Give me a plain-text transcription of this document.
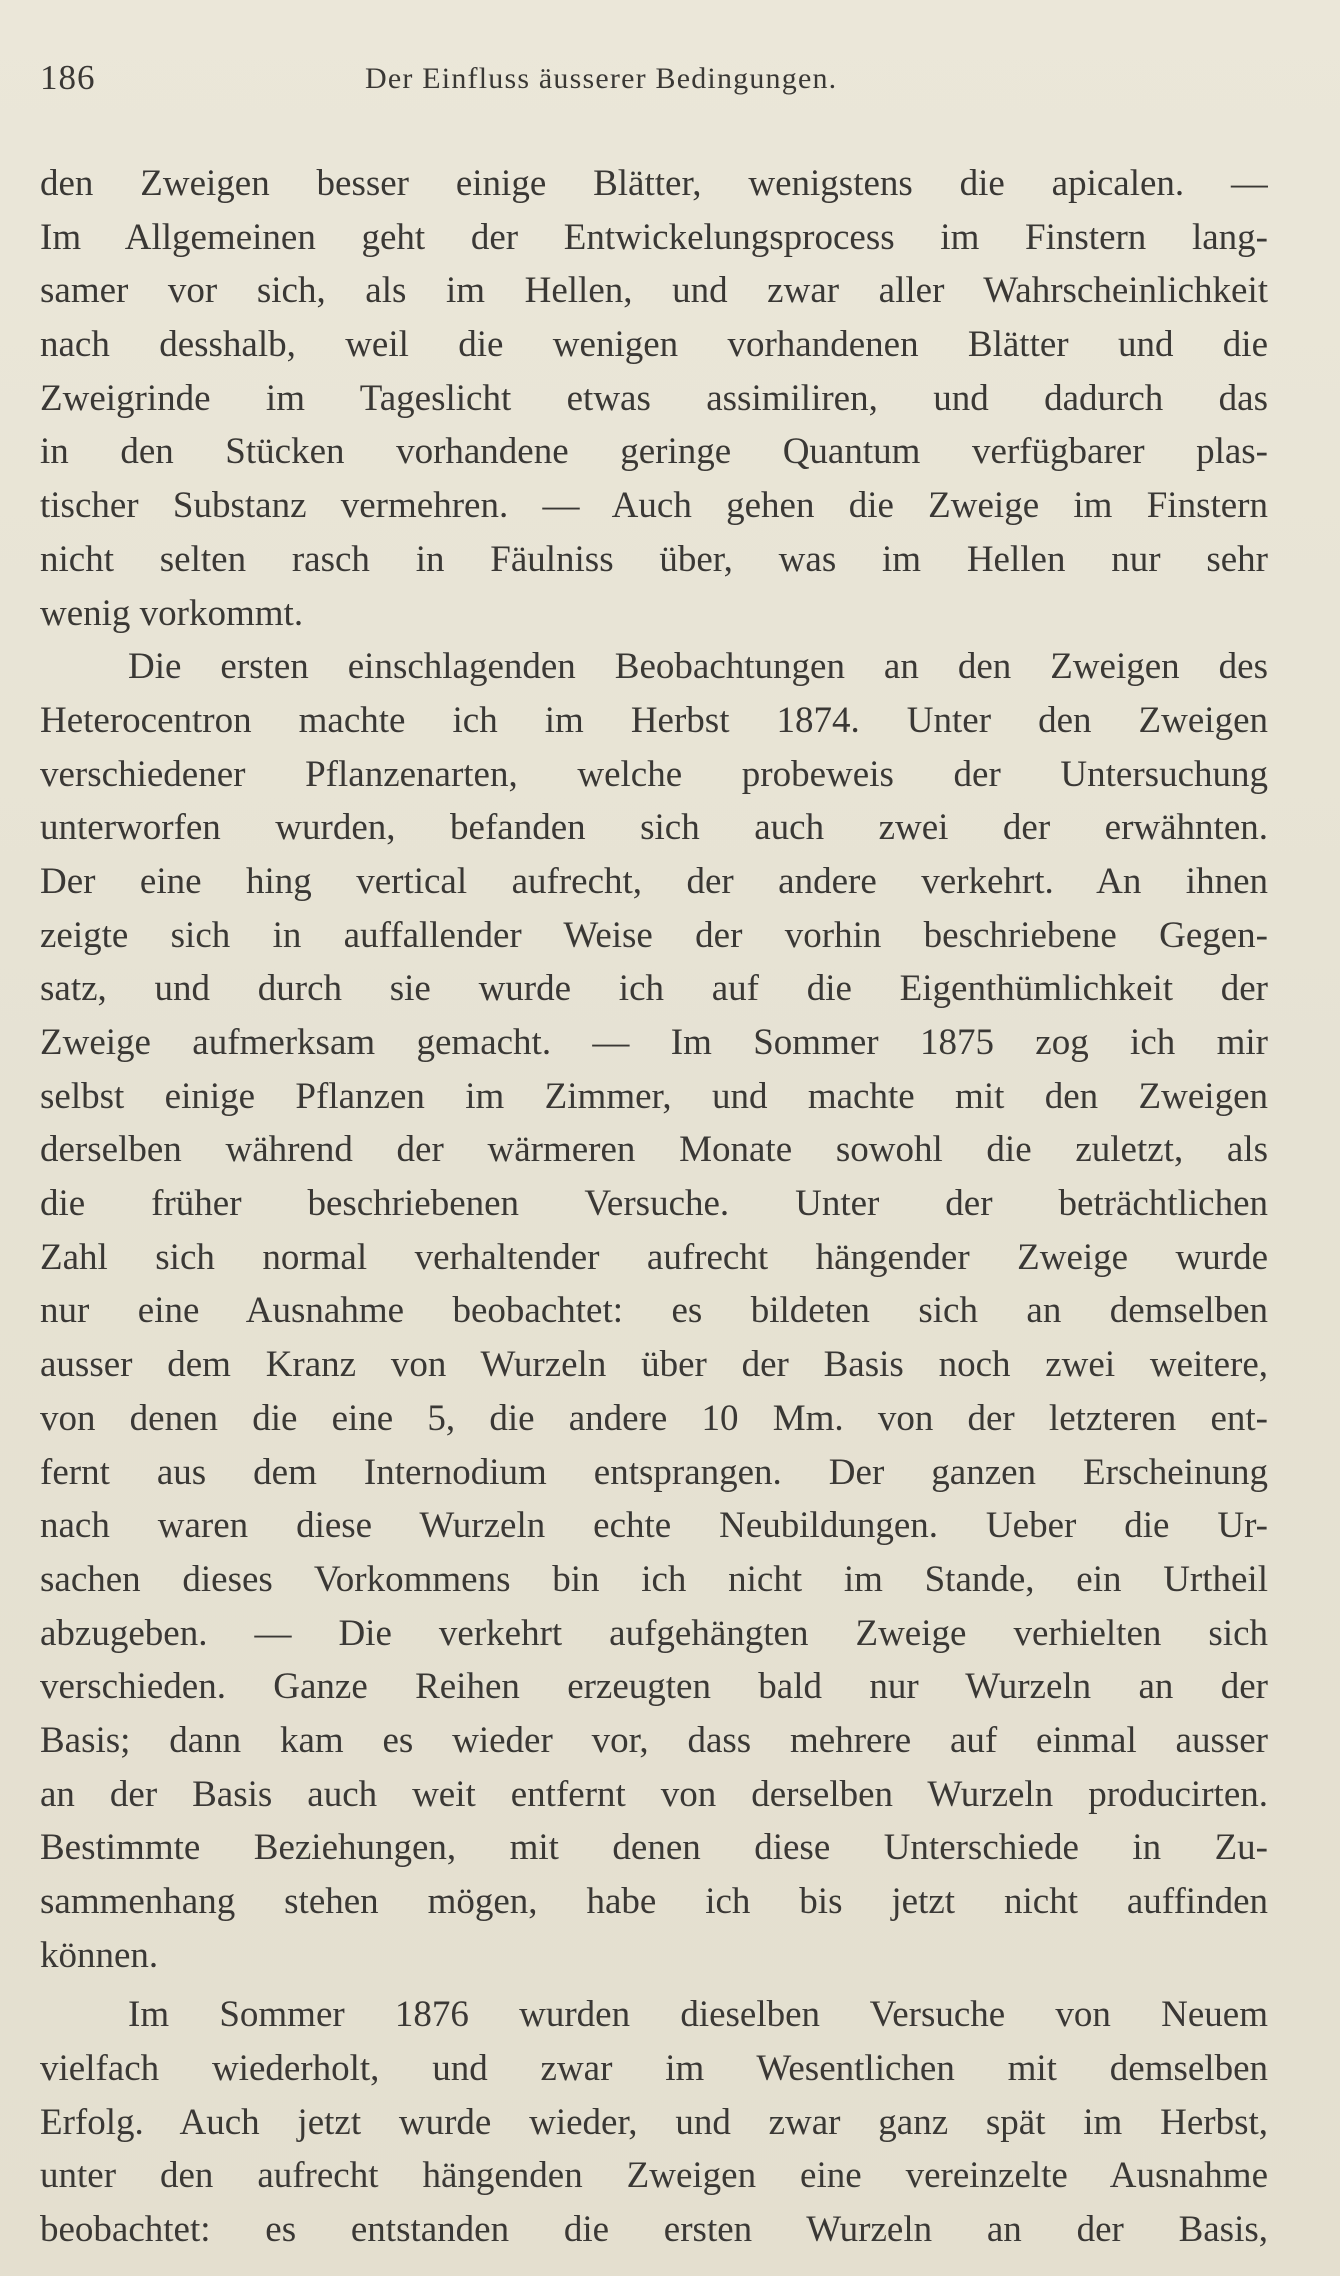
186	Der Einfluss äusserer Bedingungen.
den Zweigen besser einige Blätter, wenigstens die apicalen. —
Im Allgemeinen geht der Entwickelungsprocess im Finstern lang-
samer vor sich, als im Hellen, und zwar aller Wahrscheinlichkeit
nach desshalb, weil die wenigen vorhandenen Blätter und die
Zweigrinde im Tageslicht etwas assimiliren, und dadurch das
in den Stücken vorhandene geringe Quantum verfügbarer plas-
tischer Substanz vermehren. — Auch gehen die Zweige im Finstern
nicht selten rasch in Fäulniss über, was im Hellen nur sehr
wenig vorkommt.
Die ersten einschlagenden Beobachtungen an den Zweigen des
Heterocentron machte ich im Herbst 1874. Unter den Zweigen
verschiedener Pflanzenarten, welche probeweis der Untersuchung
unterworfen wurden, befanden sich auch zwei der erwähnten.
Der eine hing vertical aufrecht, der andere verkehrt. An ihnen
zeigte sich in auffallender Weise der vorhin beschriebene Gegen-
satz, und durch sie wurde ich auf die Eigenthümlichkeit der
Zweige aufmerksam gemacht. — Im Sommer 1875 zog ich mir
selbst einige Pflanzen im Zimmer, und machte mit den Zweigen
derselben während der wärmeren Monate sowohl die zuletzt, als
die früher beschriebenen Versuche. Unter der beträchtlichen
Zahl sich normal verhaltender aufrecht hängender Zweige wurde
nur eine Ausnahme beobachtet: es bildeten sich an demselben
ausser dem Kranz von Wurzeln über der Basis noch zwei weitere,
von denen die eine 5, die andere 10 Mm. von der letzteren ent-
fernt aus dem Internodium entsprangen. Der ganzen Erscheinung
nach waren diese Wurzeln echte Neubildungen. Ueber die Ur-
sachen dieses Vorkommens bin ich nicht im Stande, ein Urtheil
abzugeben. — Die verkehrt aufgehängten Zweige verhielten sich
verschieden. Ganze Reihen erzeugten bald nur Wurzeln an der
Basis; dann kam es wieder vor, dass mehrere auf einmal ausser
an der Basis auch weit entfernt von derselben Wurzeln producirten.
Bestimmte Beziehungen, mit denen diese Unterschiede in Zu-
sammenhang stehen mögen, habe ich bis jetzt nicht auffinden
können.
Im Sommer 1876 wurden dieselben Versuche von Neuem
vielfach wiederholt, und zwar im Wesentlichen mit demselben
Erfolg. Auch jetzt wurde wieder, und zwar ganz spät im Herbst,
unter den aufrecht hängenden Zweigen eine vereinzelte Ausnahme
beobachtet: es entstanden die ersten Wurzeln an der Basis,
